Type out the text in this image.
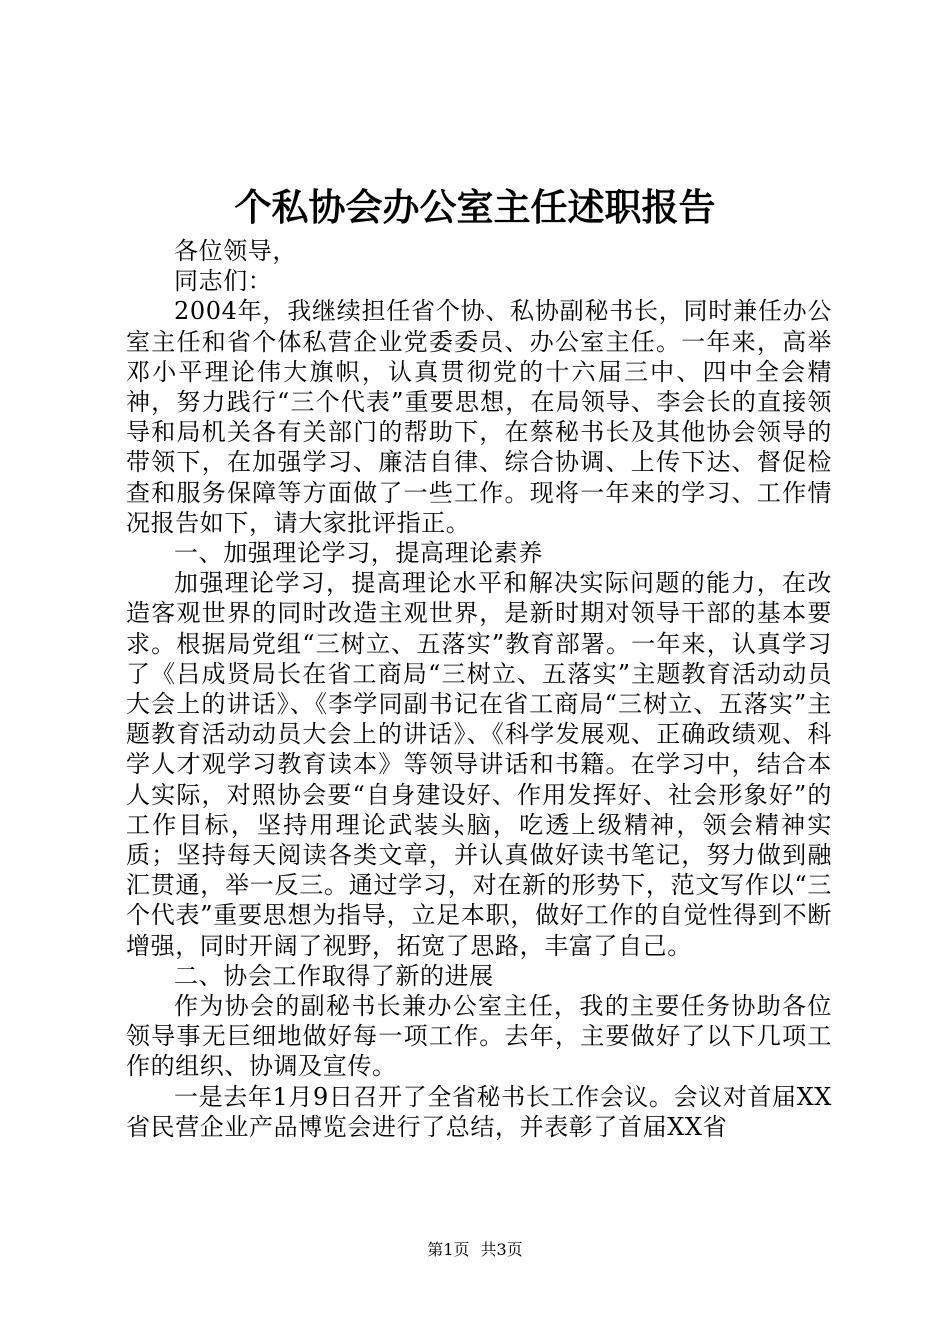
个私协会办公室主任述职报告

各位领导，

同志们：

2004年，我继续担任省个协、私协副秘书长，同时兼任办公室主任和省个体私营企业党委委员、办公室主任。一年来，高举邓小平理论伟大旗帜，认真贯彻党的十六届三中、四中全会精神，努力践行“三个代表”重要思想，在局领导、李会长的直接领导和局机关各有关部门的帮助下，在蔡秘书长及其他协会领导的带领下，在加强学习、廉洁自律、综合协调、上传下达、督促检查和服务保障等方面做了一些工作。现将一年来的学习、工作情况报告如下，请大家批评指正。

一、加强理论学习，提高理论素养

加强理论学习，提高理论水平和解决实际问题的能力，在改造客观世界的同时改造主观世界，是新时期对领导干部的基本要求。根据局党组“三树立、五落实”教育部署。一年来，认真学习了《吕成贤局长在省工商局“三树立、五落实”主题教育活动动员大会上的讲话》、《李学同副书记在省工商局“三树立、五落实”主题教育活动动员大会上的讲话》、《科学发展观、正确政绩观、科学人才观学习教育读本》等领导讲话和书籍。在学习中，结合本人实际，对照协会要“自身建设好、作用发挥好、社会形象好”的工作目标，坚持用理论武装头脑，吃透上级精神，领会精神实质；坚持每天阅读各类文章，并认真做好读书笔记，努力做到融汇贯通，举一反三。通过学习，对在新的形势下，范文写作以“三个代表”重要思想为指导，立足本职，做好工作的自觉性得到不断增强，同时开阔了视野，拓宽了思路，丰富了自己。

二、协会工作取得了新的进展

作为协会的副秘书长兼办公室主任，我的主要任务协助各位领导事无巨细地做好每一项工作。去年，主要做好了以下几项工作的组织、协调及宣传。

一是去年1月9日召开了全省秘书长工作会议。会议对首届XX省民营企业产品博览会进行了总结，并表彰了首届XX省

第1页 共3页
